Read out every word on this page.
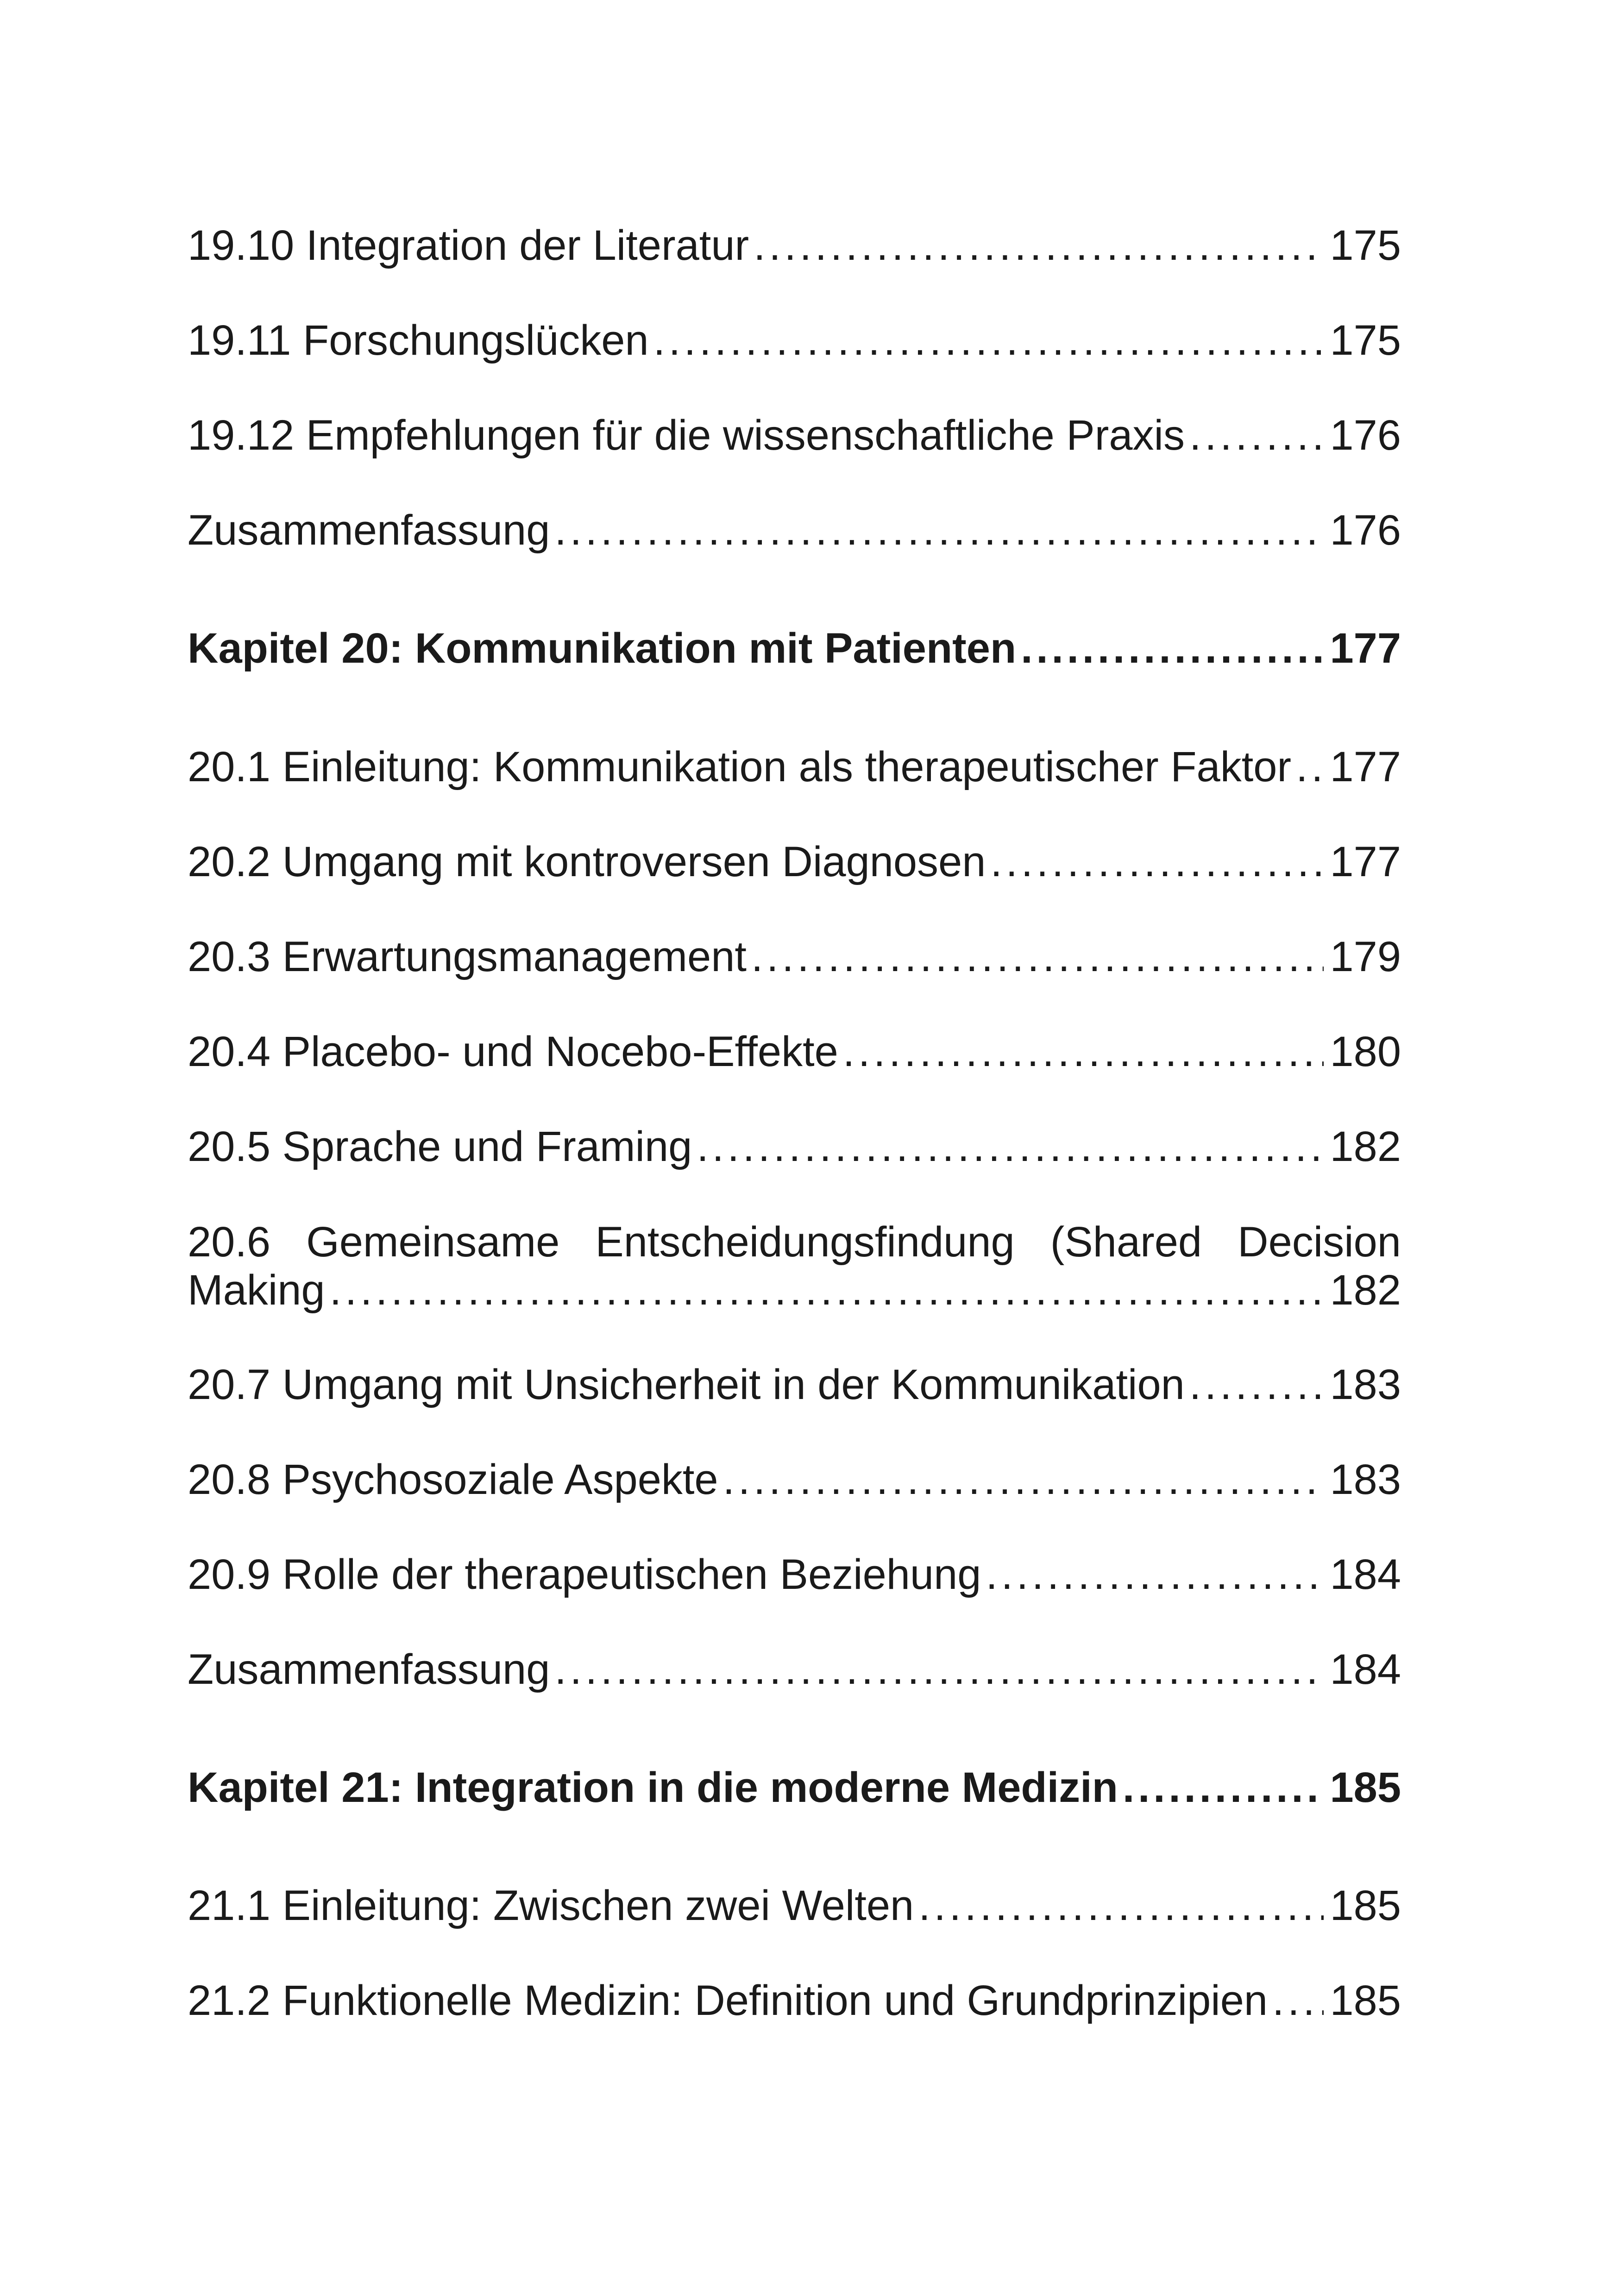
19.10 Integration der Literatur . . .	175
19.11 Forschungslücken . . .	175
19.12 Empfehlungen für die wissenschaftliche Praxis . . .	176
Zusammenfassung . . .	176
Kapitel 20: Kommunikation mit Patienten . . .	177
20.1 Einleitung: Kommunikation als therapeutischer Faktor . . . 177
20.2 Umgang mit kontroversen Diagnosen . . .	177
20.3 Erwartungsmanagement . . .	179
20.4 Placebo- und Nocebo-Effekte . . .	180
20.5 Sprache und Framing . . .	182
20.6 Gemeinsame Entscheidungsfindung (Shared Decision
Making . . .	182
20.7 Umgang mit Unsicherheit in der Kommunikation . . .	183
20.8 Psychosoziale Aspekte . . .	183
20.9 Rolle der therapeutischen Beziehung . . .	184
Zusammenfassung . . .	184
Kapitel 21: Integration in die moderne Medizin . . .	185
21.1 Einleitung: Zwischen zwei Welten . . .	185
21.2 Funktionelle Medizin: Definition und Grundprinzipien . . . 185
